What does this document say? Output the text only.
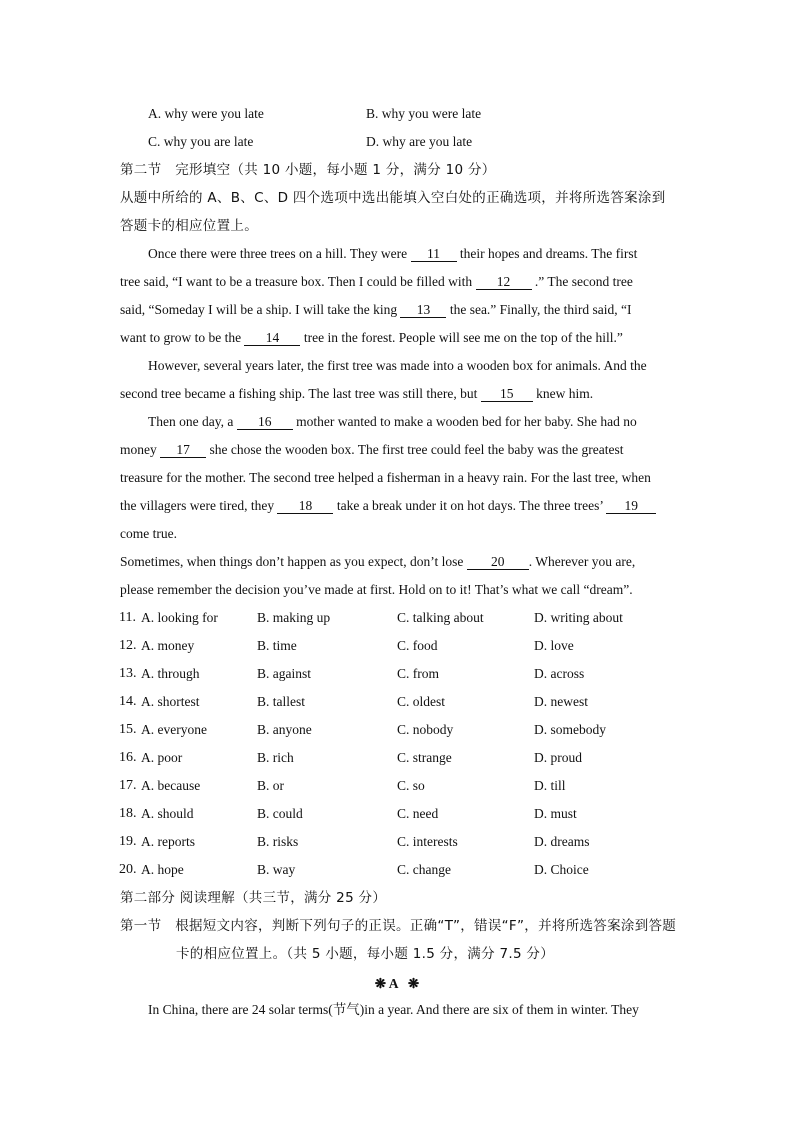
A. why were you late	B. why you were late
C. why you are late	D. why are you late
第二节　完形填空（共 10 小题，每小题 1 分，满分 10 分）
从题中所给的 A、B、C、D 四个选项中选出能填入空白处的正确选项，并将所选答案涂到
答题卡的相应位置上。
Once there were three trees on a hill. They were 11 their hopes and dreams. The first
tree said, “I want to be a treasure box. Then I could be filled with 12 .” The second tree
said, “Someday I will be a ship. I will take the king 13 the sea.” Finally, the third said, “I
want to grow to be the 14 tree in the forest. People will see me on the top of the hill.”
However, several years later, the first tree was made into a wooden box for animals. And the
second tree became a fishing ship. The last tree was still there, but 15 knew him.
Then one day, a 16 mother wanted to make a wooden bed for her baby. She had no
money 17 she chose the wooden box. The first tree could feel the baby was the greatest
treasure for the mother. The second tree helped a fisherman in a heavy rain. For the last tree, when
the villagers were tired, they 18 take a break under it on hot days. The three trees’ 19
come true.
Sometimes, when things don’t happen as you expect, don’t lose 20 . Wherever you are,
please remember the decision you’ve made at first. Hold on to it! That’s what we call “dream”.
11. A. looking for	B. making up	C. talking about	D. writing about
12. A. money	B. time	C. food	D. love
13. A. through	B. against	C. from	D. across
14. A. shortest	B. tallest	C. oldest	D. newest
15. A. everyone	B. anyone	C. nobody	D. somebody
16. A. poor	B. rich	C. strange	D. proud
17. A. because	B. or	C. so	D. till
18. A. should	B. could	C. need	D. must
19. A. reports	B. risks	C. interests	D. dreams
20. A. hope	B. way	C. change	D. Choice
第二部分 阅读理解（共三节，满分 25 分）
第一节　根据短文内容，判断下列句子的正误。正确“T”，错误“F”，并将所选答案涂到答题
卡的相应位置上。（共 5 小题，每小题 1.5 分，满分 7.5 分）
❋ A   ❋
In China, there are 24 solar terms(节气)in a year. And there are six of them in winter. They
